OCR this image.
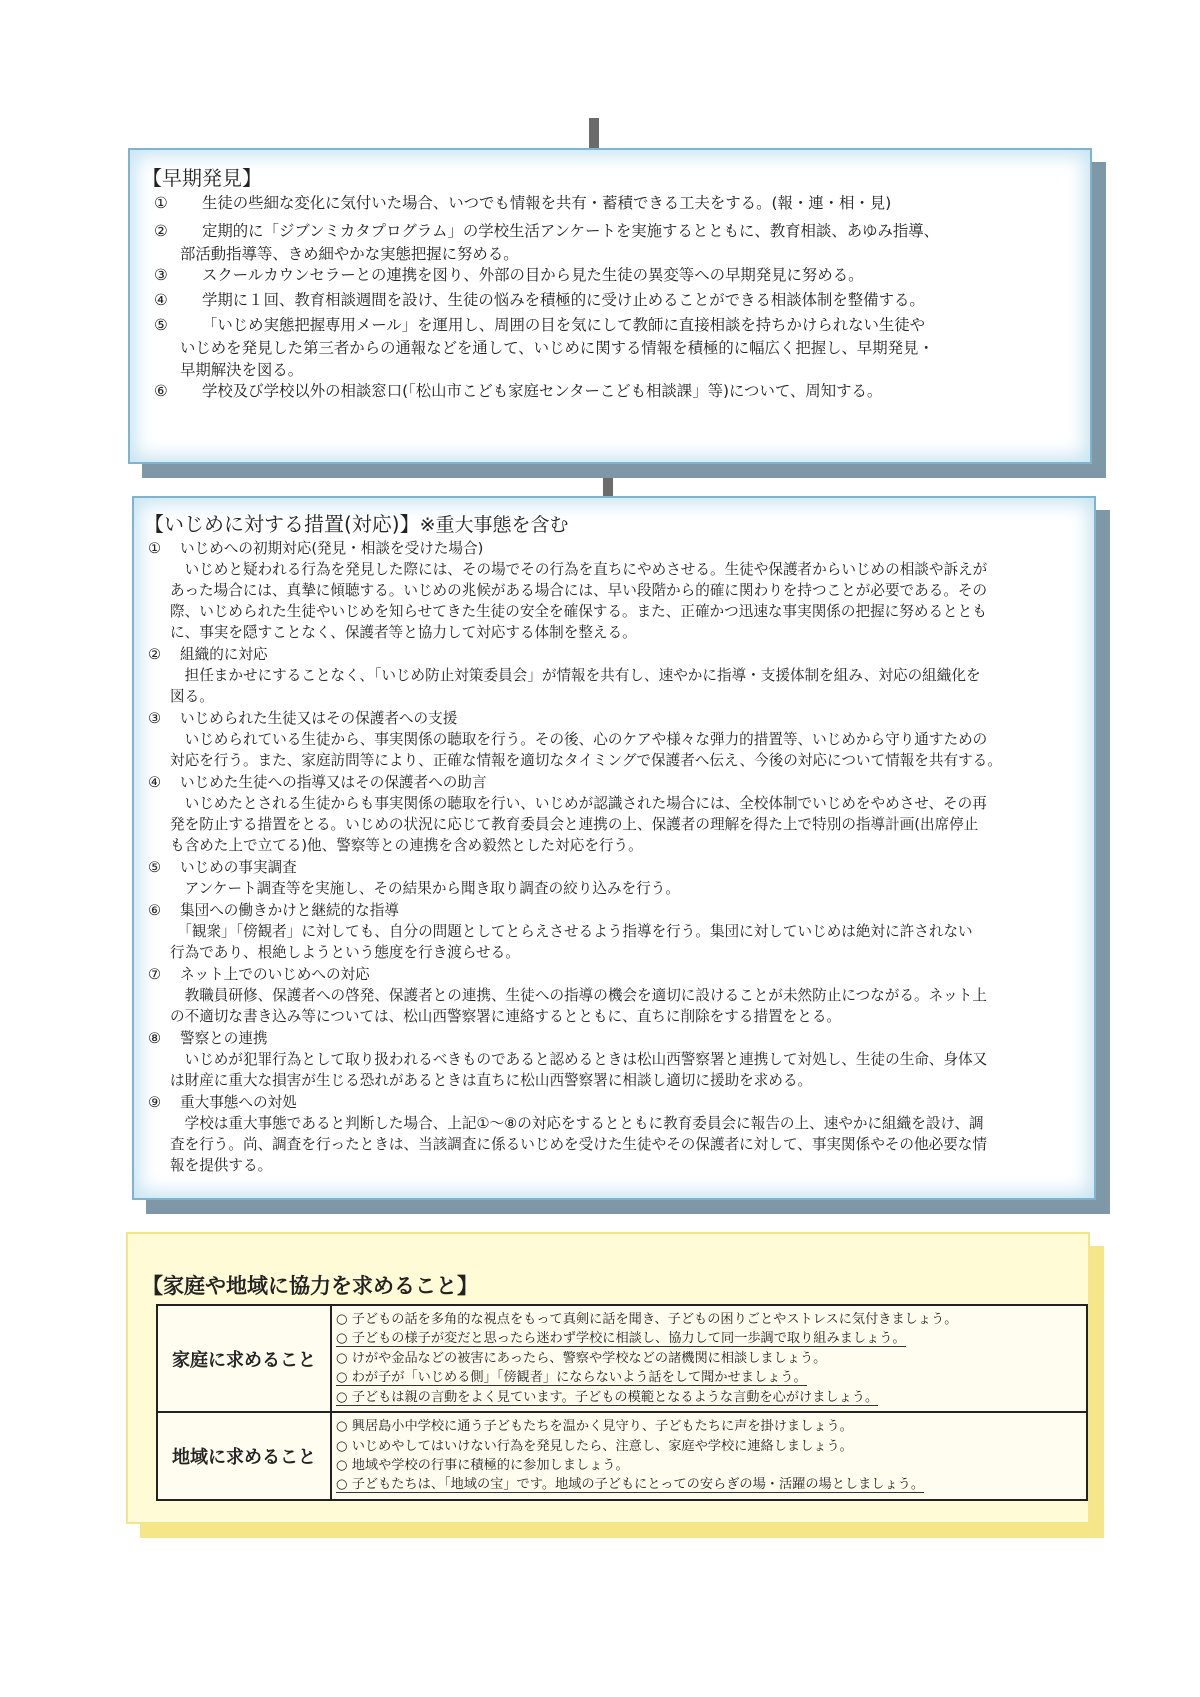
【早期発見】
① 生徒の些細な変化に気付いた場合、いつでも情報を共有・蓄積できる工夫をする。(報・連・相・見)
② 定期的に「ジブンミカタプログラム」の学校生活アンケートを実施するとともに、教育相談、あゆみ指導、
部活動指導等、きめ細やかな実態把握に努める。
③ スクールカウンセラーとの連携を図り、外部の目から見た生徒の異変等への早期発見に努める。
④ 学期に１回、教育相談週間を設け、生徒の悩みを積極的に受け止めることができる相談体制を整備する。
⑤ 「いじめ実態把握専用メール」を運用し、周囲の目を気にして教師に直接相談を持ちかけられない生徒や
いじめを発見した第三者からの通報などを通して、いじめに関する情報を積極的に幅広く把握し、早期発見・
早期解決を図る。
⑥ 学校及び学校以外の相談窓口(「松山市こども家庭センターこども相談課」等)について、周知する。
【いじめに対する措置(対応)】※重大事態を含む
① いじめへの初期対応(発見・相談を受けた場合)
　いじめと疑われる行為を発見した際には、その場でその行為を直ちにやめさせる。生徒や保護者からいじめの相談や訴えが
あった場合には、真摯に傾聴する。いじめの兆候がある場合には、早い段階から的確に関わりを持つことが必要である。その
際、いじめられた生徒やいじめを知らせてきた生徒の安全を確保する。また、正確かつ迅速な事実関係の把握に努めるととも
に、事実を隠すことなく、保護者等と協力して対応する体制を整える。
② 組織的に対応
　担任まかせにすることなく、「いじめ防止対策委員会」が情報を共有し、速やかに指導・支援体制を組み、対応の組織化を
図る。
③ いじめられた生徒又はその保護者への支援
　いじめられている生徒から、事実関係の聴取を行う。その後、心のケアや様々な弾力的措置等、いじめから守り通すための
対応を行う。また、家庭訪問等により、正確な情報を適切なタイミングで保護者へ伝え、今後の対応について情報を共有する。
④ いじめた生徒への指導又はその保護者への助言
　いじめたとされる生徒からも事実関係の聴取を行い、いじめが認識された場合には、全校体制でいじめをやめさせ、その再
発を防止する措置をとる。いじめの状況に応じて教育委員会と連携の上、保護者の理解を得た上で特別の指導計画(出席停止
も含めた上で立てる)他、警察等との連携を含め毅然とした対応を行う。
⑤ いじめの事実調査
　アンケート調査等を実施し、その結果から聞き取り調査の絞り込みを行う。
⑥ 集団への働きかけと継続的な指導
　「観衆」「傍観者」に対しても、自分の問題としてとらえさせるよう指導を行う。集団に対していじめは絶対に許されない
行為であり、根絶しようという態度を行き渡らせる。
⑦ ネット上でのいじめへの対応
　教職員研修、保護者への啓発、保護者との連携、生徒への指導の機会を適切に設けることが未然防止につながる。ネット上
の不適切な書き込み等については、松山西警察署に連絡するとともに、直ちに削除をする措置をとる。
⑧ 警察との連携
　いじめが犯罪行為として取り扱われるべきものであると認めるときは松山西警察署と連携して対処し、生徒の生命、身体又
は財産に重大な損害が生じる恐れがあるときは直ちに松山西警察署に相談し適切に援助を求める。
⑨ 重大事態への対処
　学校は重大事態であると判断した場合、上記①～⑧の対応をするとともに教育委員会に報告の上、速やかに組織を設け、調
査を行う。尚、調査を行ったときは、当該調査に係るいじめを受けた生徒やその保護者に対して、事実関係やその他必要な情
報を提供する。
【家庭や地域に協力を求めること】
家庭に求めること	○ 子どもの話を多角的な視点をもって真剣に話を聞き、子どもの困りごとやストレスに気付きましょう。
○ 子どもの様子が変だと思ったら迷わず学校に相談し、協力して同一歩調で取り組みましょう。
○ けがや金品などの被害にあったら、警察や学校などの諸機関に相談しましょう。
○ わが子が「いじめる側」「傍観者」にならないよう話をして聞かせましょう。
○ 子どもは親の言動をよく見ています。子どもの模範となるような言動を心がけましょう。

地域に求めること	○ 興居島小中学校に通う子どもたちを温かく見守り、子どもたちに声を掛けましょう。
○ いじめやしてはいけない行為を発見したら、注意し、家庭や学校に連絡しましょう。
○ 地域や学校の行事に積極的に参加しましょう。
○ 子どもたちは、「地域の宝」です。地域の子どもにとっての安らぎの場・活躍の場としましょう。
